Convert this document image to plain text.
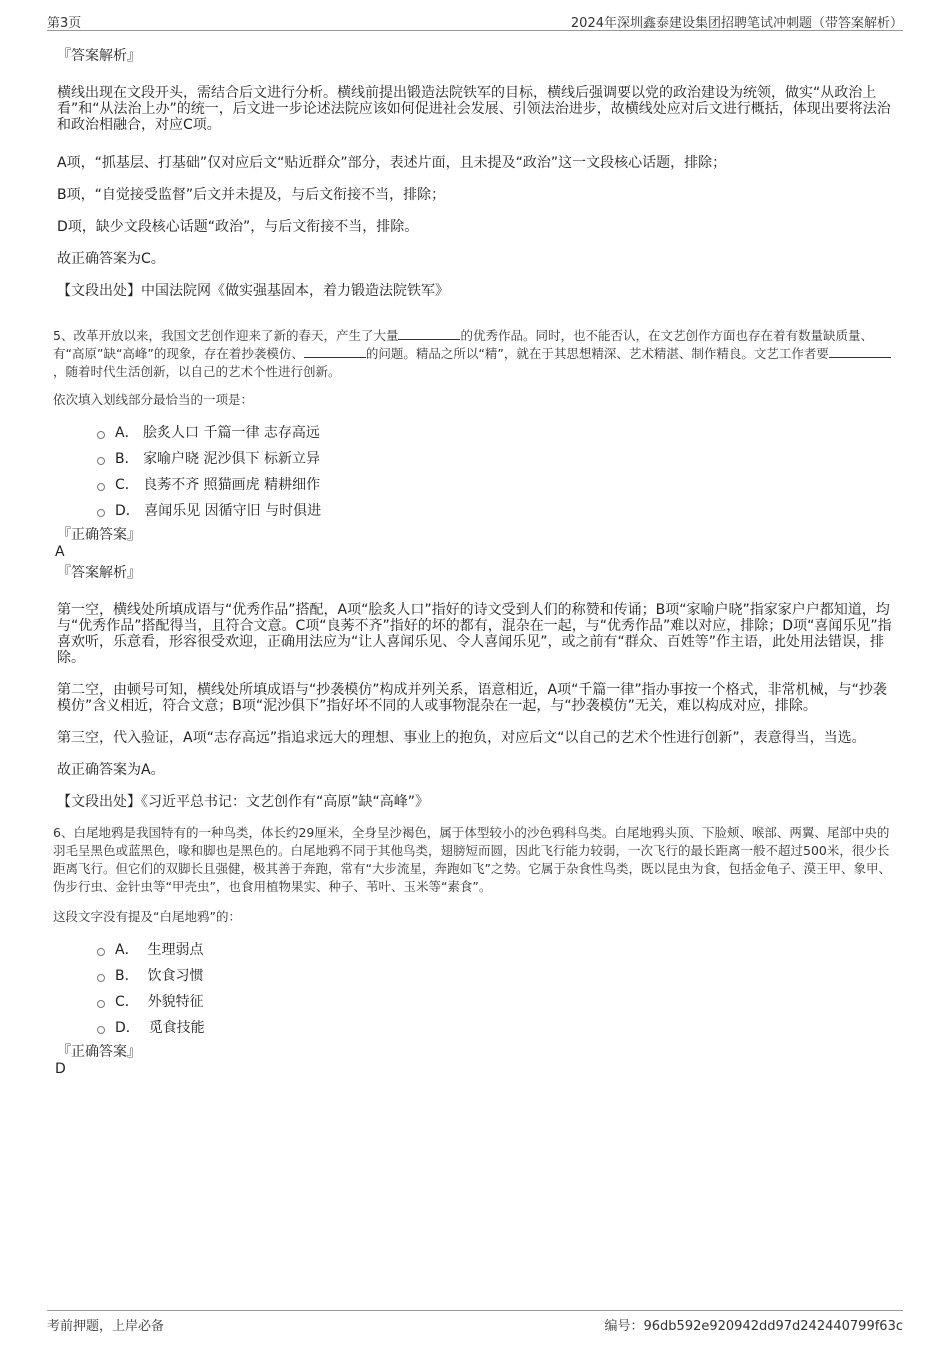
第3页	2024年深圳鑫泰建设集团招聘笔试冲刺题（带答案解析）

『答案解析』

横线出现在文段开头，需结合后文进行分析。横线前提出锻造法院铁军的目标，横线后强调要以党的政治建设为统领，做实“从政治上看”和“从法治上办”的统一，后文进一步论述法院应该如何促进社会发展、引领法治进步，故横线处应对后文进行概括，体现出要将法治和政治相融合，对应C项。

A项，“抓基层、打基础”仅对应后文“贴近群众”部分，表述片面，且未提及“政治”这一文段核心话题，排除；

B项，“自觉接受监督”后文并未提及，与后文衔接不当，排除；

D项，缺少文段核心话题“政治”，与后文衔接不当，排除。

故正确答案为C。

【文段出处】中国法院网《做实强基固本，着力锻造法院铁军》

5、改革开放以来，我国文艺创作迎来了新的春天，产生了大量	的优秀作品。同时，也不能否认，在文艺创作方面也存在着有数量缺质量、有“高原”缺“高峰”的现象，存在着抄袭模仿、	的问题。精品之所以“精”，就在于其思想精深、艺术精湛、制作精良。文艺工作者要，随着时代生活创新，以自己的艺术个性进行创新。

依次填入划线部分最恰当的一项是：

A．
脍炙人口 千篇一律 志存高远
B．
家喻户晓 泥沙俱下 标新立异
C．
良莠不齐 照猫画虎 精耕细作
D．
喜闻乐见 因循守旧 与时俱进

『正确答案』

A

『答案解析』

第一空，横线处所填成语与“优秀作品”搭配，A项“脍炙人口”指好的诗文受到人们的称赞和传诵；B项“家喻户晓”指家家户户都知道，均与“优秀作品”搭配得当，且符合文意。C项“良莠不齐”指好的坏的都有，混杂在一起，与“优秀作品”难以对应，排除；D项“喜闻乐见”指喜欢听，乐意看，形容很受欢迎，正确用法应为“让人喜闻乐见、令人喜闻乐见”，或之前有“群众、百姓等”作主语，此处用法错误，排除。

第二空，由顿号可知，横线处所填成语与“抄袭模仿”构成并列关系，语意相近，A项“千篇一律”指办事按一个格式，非常机械，与“抄袭模仿”含义相近，符合文意；B项“泥沙俱下”指好坏不同的人或事物混杂在一起，与“抄袭模仿”无关，难以构成对应，排除。

第三空，代入验证，A项“志存高远”指追求远大的理想、事业上的抱负，对应后文“以自己的艺术个性进行创新”，表意得当，当选。

故正确答案为A。

【文段出处】《习近平总书记：文艺创作有“高原”缺“高峰”》

6、白尾地鸦是我国特有的一种鸟类，体长约29厘米，全身呈沙褐色，属于体型较小的沙色鸦科鸟类。白尾地鸦头顶、下脸颊、喉部、两翼、尾部中央的羽毛呈黑色或蓝黑色，喙和脚也是黑色的。白尾地鸦不同于其他鸟类，翅膀短而圆，因此飞行能力较弱，一次飞行的最长距离一般不超过500米，很少长距离飞行。但它们的双脚长且强健，极其善于奔跑，常有“大步流星，奔跑如飞”之势。它属于杂食性鸟类，既以昆虫为食，包括金龟子、漠王甲、象甲、伪步行虫、金针虫等“甲壳虫”，也食用植物果实、种子、苇叶、玉米等“素食”。

这段文字没有提及“白尾地鸦”的：

A．
生理弱点
B．
饮食习惯
C．
外貌特征
D．
觅食技能

『正确答案』

D

考前押题，上岸必备	编号：96db592e920942dd97d242440799f63c
